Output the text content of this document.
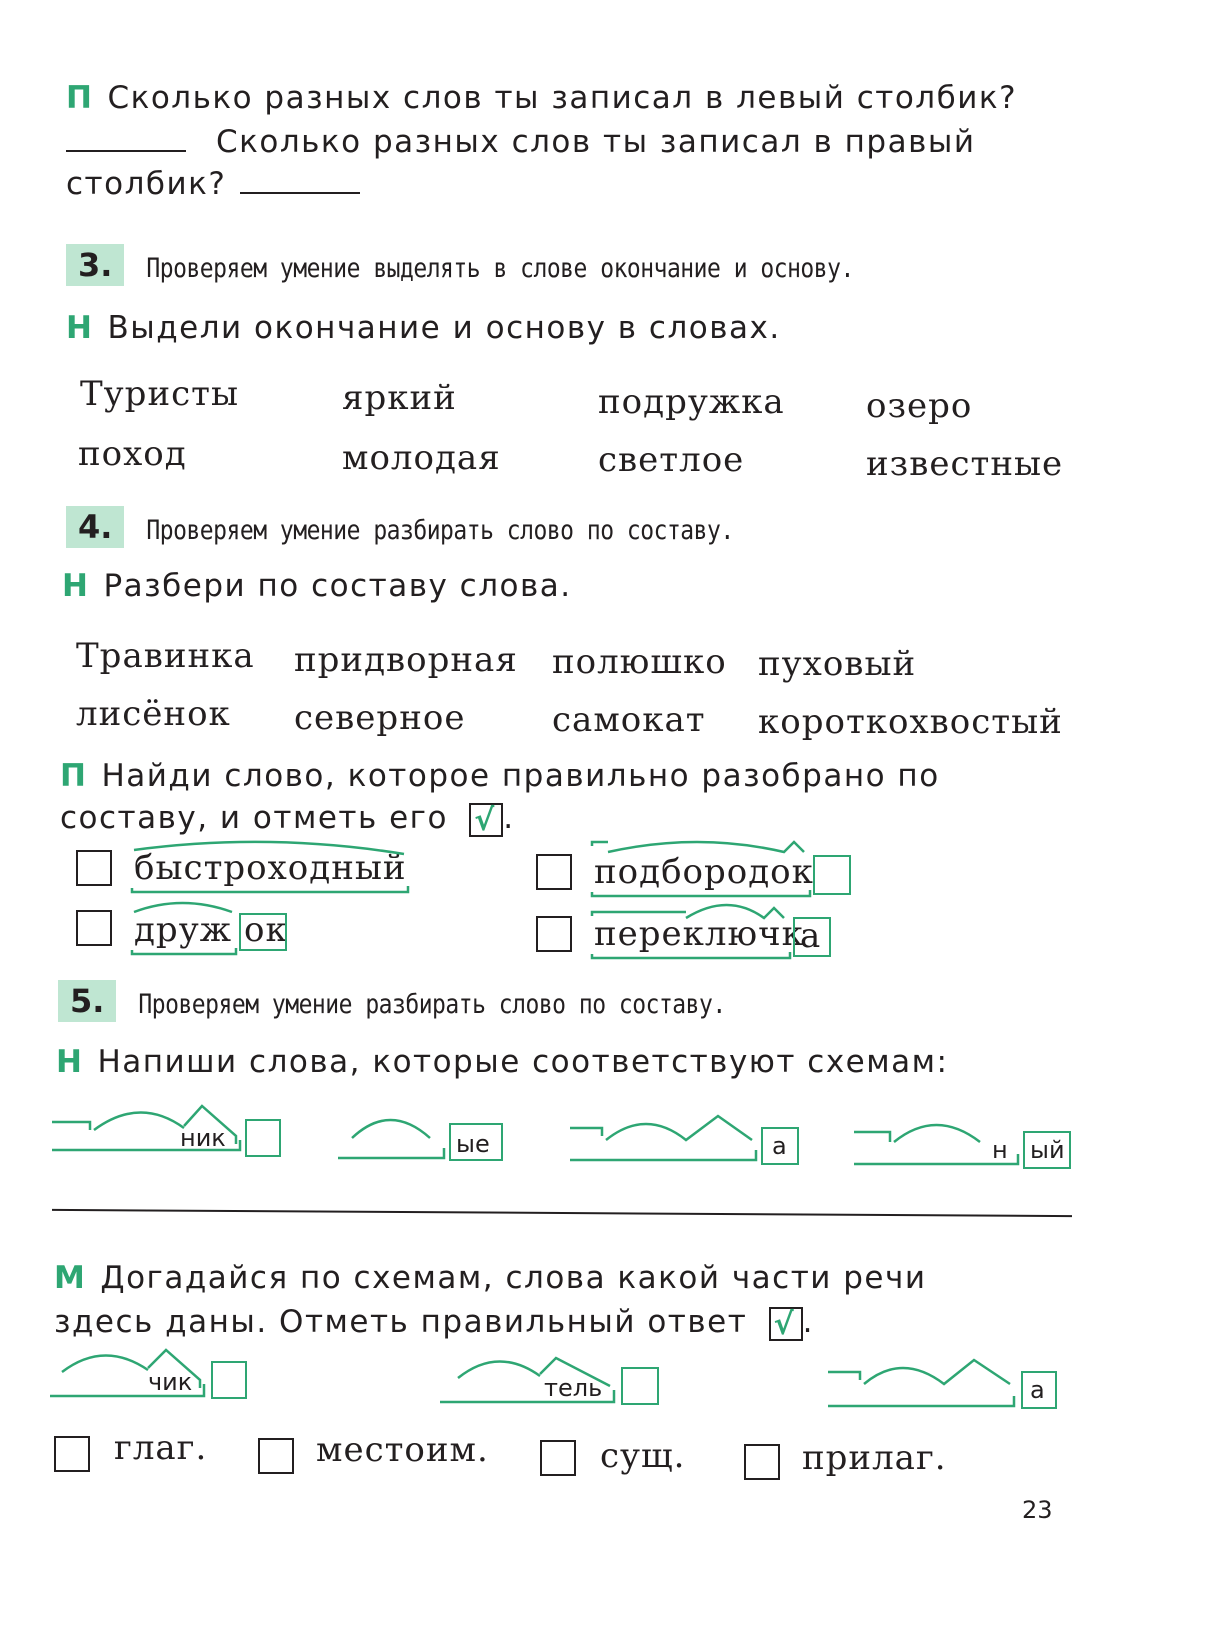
П Сколько разных слов ты записал в левый столбик?
Сколько разных слов ты записал в правый
столбик?
3. Проверяем умение выделять в слове окончание и основу.
Н Выдели окончание и основу в словах.
Туристы	яркий	подружка озеро
поход	молодая	светлое	известные
4. Проверяем умение разбирать слово по составу.
Н Разбери по составу слова.
Травинка придворная полюшко пуховый
лисёнок северное	самокат короткохвостый
П Найди слово, которое правильно разобрано по
составу, и отметь его √ .
быстроходный	подбородок
друж ок	переключк
а
5. Проверяем умение разбирать слово по составу.
Н Напиши слова, которые соответствуют схемам:
ник	ые	а	н ый
М Догадайся по схемам, слова какой части речи
здесь даны. Отметь правильный ответ √ .
чик	тель	а
глаг.	местоим.	сущ.	прилаг.
23
